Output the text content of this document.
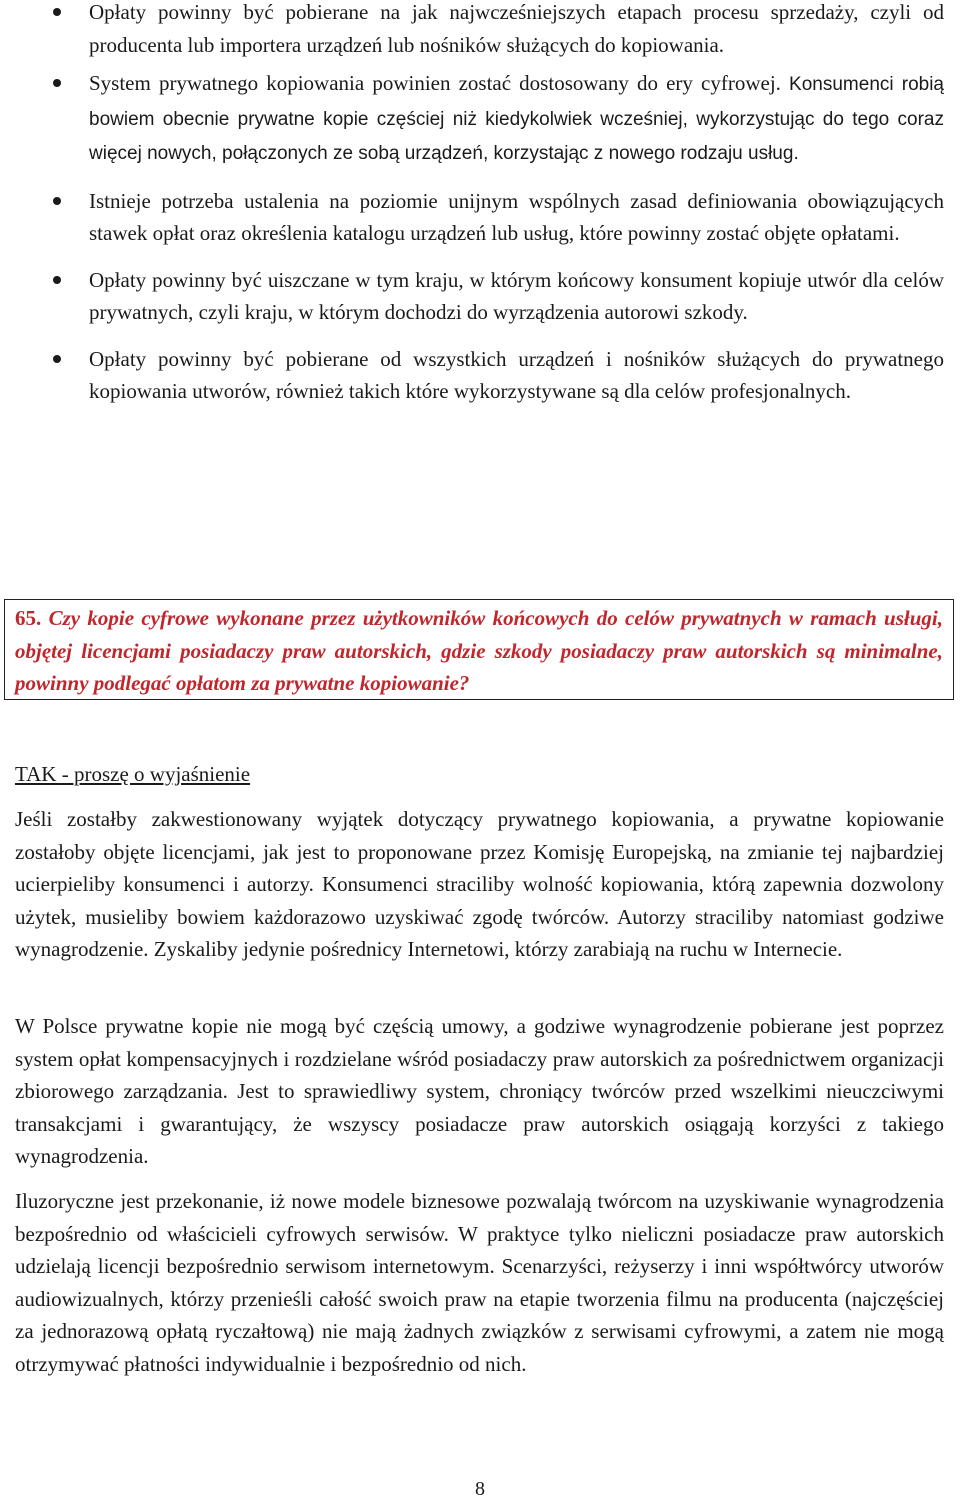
Opłaty powinny być pobierane na jak najwcześniejszych etapach procesu sprzedaży, czyli od producenta lub importera urządzeń lub nośników służących do kopiowania.
System prywatnego kopiowania powinien zostać dostosowany do ery cyfrowej. Konsumenci robią bowiem obecnie prywatne kopie częściej niż kiedykolwiek wcześniej, wykorzystując do tego coraz więcej nowych, połączonych ze sobą urządzeń, korzystając z nowego rodzaju usług.
Istnieje potrzeba ustalenia na poziomie unijnym wspólnych zasad definiowania obowiązujących stawek opłat oraz określenia katalogu urządzeń lub usług, które powinny zostać objęte opłatami.
Opłaty powinny być uiszczane w tym kraju, w którym końcowy konsument kopiuje utwór dla celów prywatnych, czyli kraju, w którym dochodzi do wyrządzenia autorowi szkody.
Opłaty powinny być pobierane od wszystkich urządzeń i nośników służących do prywatnego kopiowania utworów, również takich które wykorzystywane są dla celów profesjonalnych.
65. Czy kopie cyfrowe wykonane przez użytkowników końcowych do celów prywatnych w ramach usługi, objętej licencjami posiadaczy praw autorskich, gdzie szkody posiadaczy praw autorskich są minimalne, powinny podlegać opłatom za prywatne kopiowanie?

TAK - proszę o wyjaśnienie

Jeśli zostałby zakwestionowany wyjątek dotyczący prywatnego kopiowania, a prywatne kopiowanie zostałoby objęte licencjami, jak jest to proponowane przez Komisję Europejską, na zmianie tej najbardziej ucierpieliby konsumenci i autorzy. Konsumenci straciliby wolność kopiowania, którą zapewnia dozwolony użytek, musieliby bowiem każdorazowo uzyskiwać zgodę twórców. Autorzy straciliby natomiast godziwe wynagrodzenie. Zyskaliby jedynie pośrednicy Internetowi, którzy zarabiają na ruchu w Internecie.

W Polsce prywatne kopie nie mogą być częścią umowy, a godziwe wynagrodzenie pobierane jest poprzez system opłat kompensacyjnych i rozdzielane wśród posiadaczy praw autorskich za pośrednictwem organizacji zbiorowego zarządzania. Jest to sprawiedliwy system, chroniący twórców przed wszelkimi nieuczciwymi transakcjami i gwarantujący, że wszyscy posiadacze praw autorskich osiągają korzyści z takiego wynagrodzenia.

Iluzoryczne jest przekonanie, iż nowe modele biznesowe pozwalają twórcom na uzyskiwanie wynagrodzenia bezpośrednio od właścicieli cyfrowych serwisów. W praktyce tylko nieliczni posiadacze praw autorskich udzielają licencji bezpośrednio serwisom internetowym. Scenarzyści, reżyserzy i inni współtwórcy utworów audiowizualnych, którzy przenieśli całość swoich praw na etapie tworzenia filmu na producenta (najczęściej za jednorazową opłatą ryczałtową) nie mają żadnych związków z serwisami cyfrowymi, a zatem nie mogą otrzymywać płatności indywidualnie i bezpośrednio od nich.

8
